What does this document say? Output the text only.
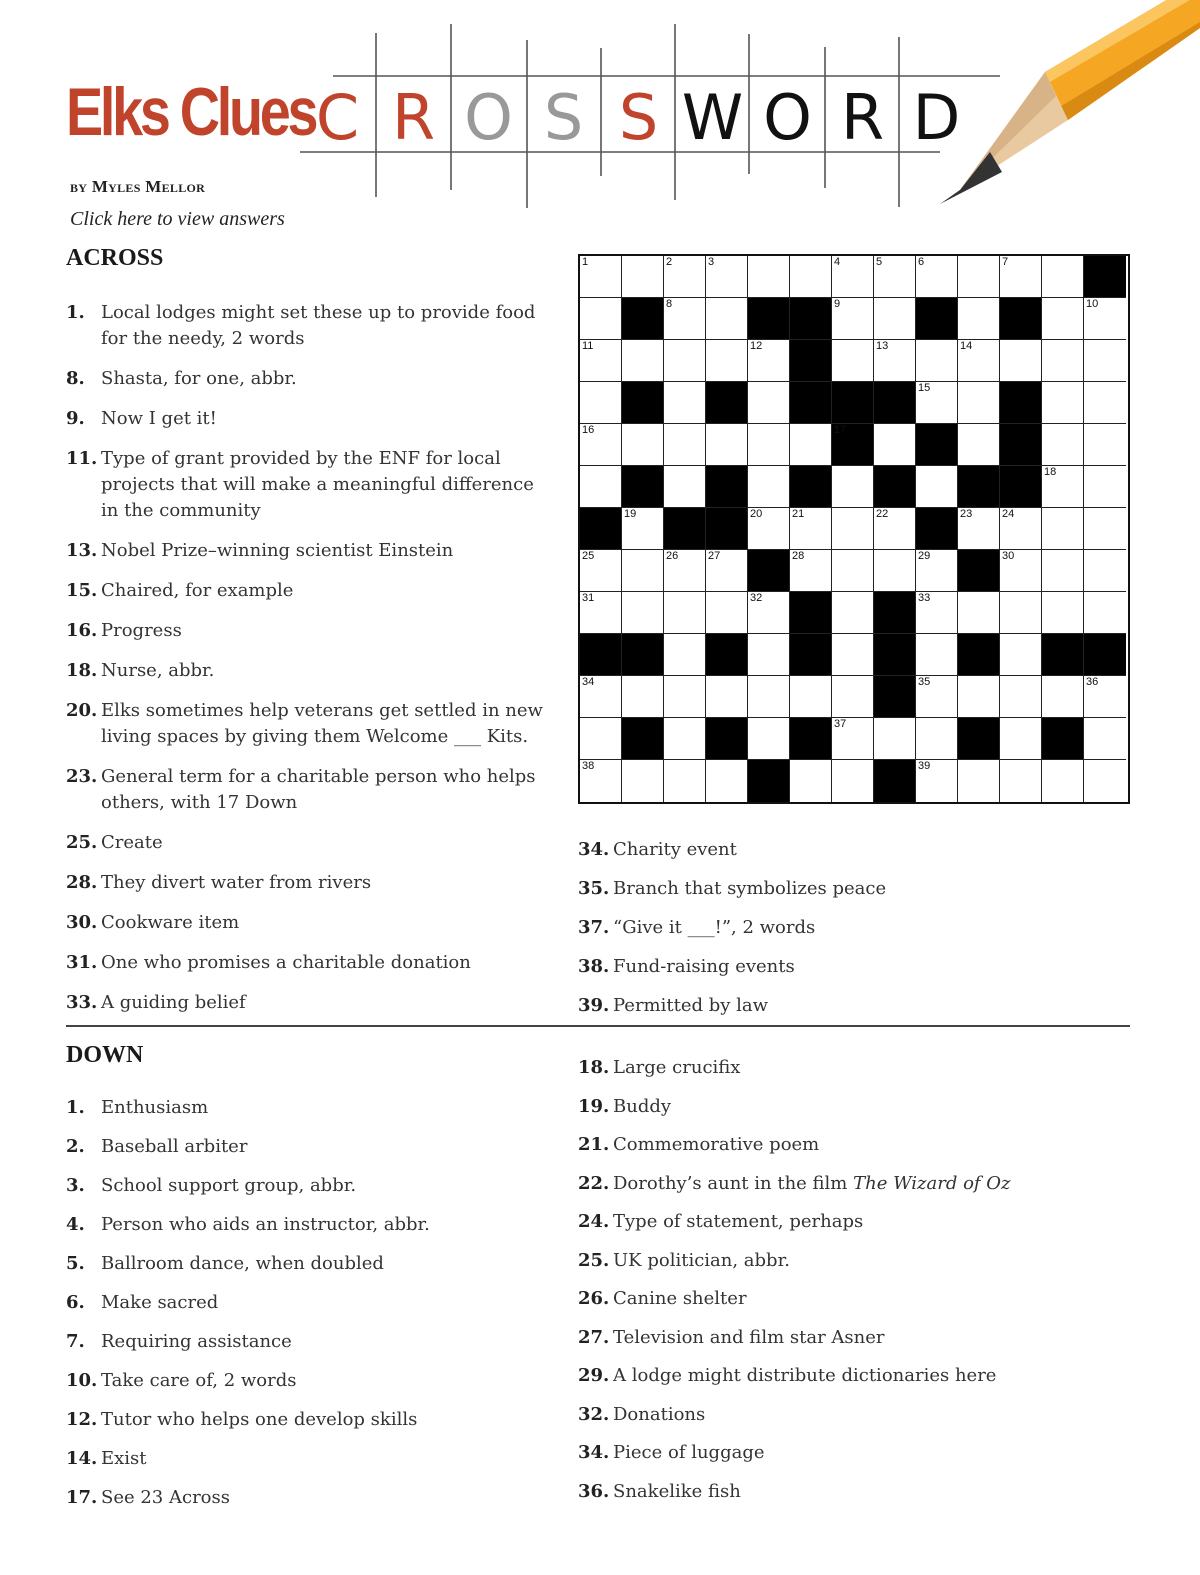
Elks Clues C R O S S W O R D
by Myles Mellor
Click here to view answers
ACROSS
1. Local lodges might set these up to provide food for the needy, 2 words
8. Shasta, for one, abbr.
9. Now I get it!
11. Type of grant provided by the ENF for local projects that will make a meaningful difference in the community
13. Nobel Prize–winning scientist Einstein
15. Chaired, for example
16. Progress
18. Nurse, abbr.
20. Elks sometimes help veterans get settled in new living spaces by giving them Welcome ___ Kits.
23. General term for a charitable person who helps others, with 17 Down
25. Create
28. They divert water from rivers
30. Cookware item
31. One who promises a charitable donation
33. A guiding belief
34. Charity event
35. Branch that symbolizes peace
37. “Give it ___!”, 2 words
38. Fund-raising events
39. Permitted by law
1	2	3	4	5	6	7
8	9	10
11	12	13	14
15
16	17
18
19	20	21	22	23	24
25	26	27	28	29	30
31	32	33
34	35	36
37
38	39
DOWN
1. Enthusiasm
2. Baseball arbiter
3. School support group, abbr.
4. Person who aids an instructor, abbr.
5. Ballroom dance, when doubled
6. Make sacred
7. Requiring assistance
10. Take care of, 2 words
12. Tutor who helps one develop skills
14. Exist
17. See 23 Across
18. Large crucifix
19. Buddy
21. Commemorative poem
22. Dorothy’s aunt in the film The Wizard of Oz
24. Type of statement, perhaps
25. UK politician, abbr.
26. Canine shelter
27. Television and film star Asner
29. A lodge might distribute dictionaries here
32. Donations
34. Piece of luggage
36. Snakelike fish
